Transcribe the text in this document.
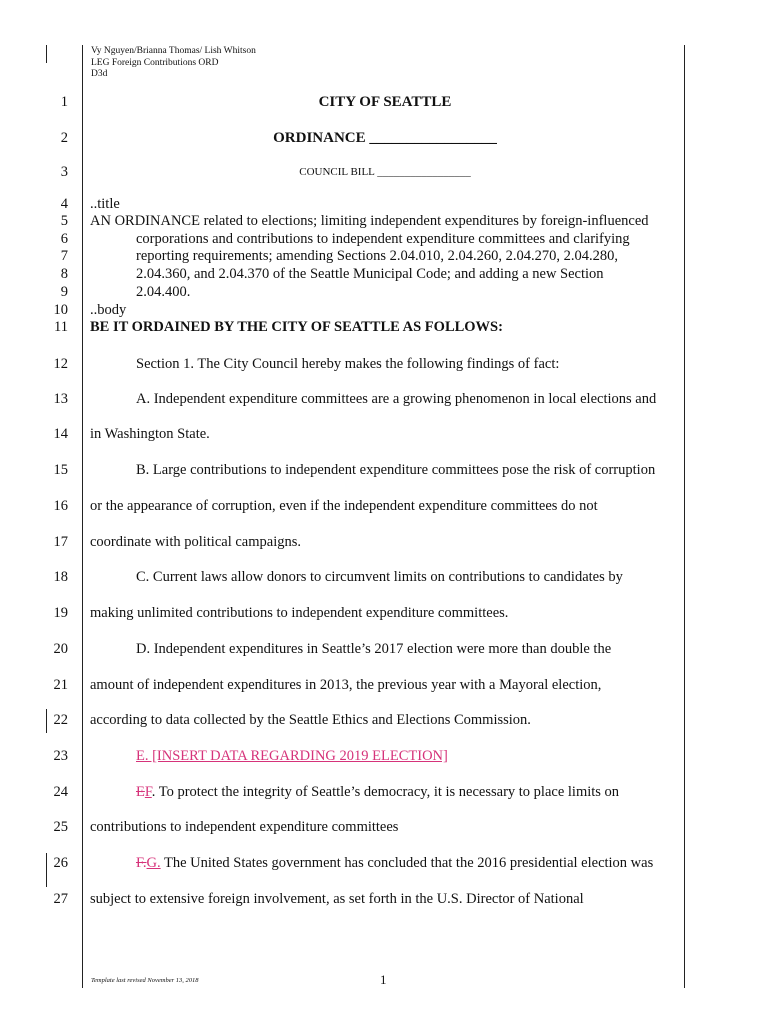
Vy Nguyen/Brianna Thomas/ Lish Whitson
LEG Foreign Contributions ORD
D3d
1
2
3
4
5
6
7
8
9
10
11
12
13
14
15
16
17
18
19
20
21
22
23
24
25
26
27
CITY OF SEATTLE
ORDINANCE _________________
COUNCIL BILL _________________
..title
AN ORDINANCE related to elections; limiting independent expenditures by foreign-influenced
corporations and contributions to independent expenditure committees and clarifying
reporting requirements; amending Sections 2.04.010, 2.04.260, 2.04.270, 2.04.280,
2.04.360, and 2.04.370 of the Seattle Municipal Code; and adding a new Section
2.04.400.
..body
BE IT ORDAINED BY THE CITY OF SEATTLE AS FOLLOWS:
Section 1. The City Council hereby makes the following findings of fact:
A. Independent expenditure committees are a growing phenomenon in local elections and
in Washington State.
B. Large contributions to independent expenditure committees pose the risk of corruption
or the appearance of corruption, even if the independent expenditure committees do not
coordinate with political campaigns.
C. Current laws allow donors to circumvent limits on contributions to candidates by
making unlimited contributions to independent expenditure committees.
D. Independent expenditures in Seattle’s 2017 election were more than double the
amount of independent expenditures in 2013, the previous year with a Mayoral election,
according to data collected by the Seattle Ethics and Elections Commission.
E. [INSERT DATA REGARDING 2019 ELECTION]
EF. To protect the integrity of Seattle’s democracy, it is necessary to place limits on
contributions to independent expenditure committees
F.G. The United States government has concluded that the 2016 presidential election was
subject to extensive foreign involvement, as set forth in the U.S. Director of National
Template last revised November 13, 2018	1
